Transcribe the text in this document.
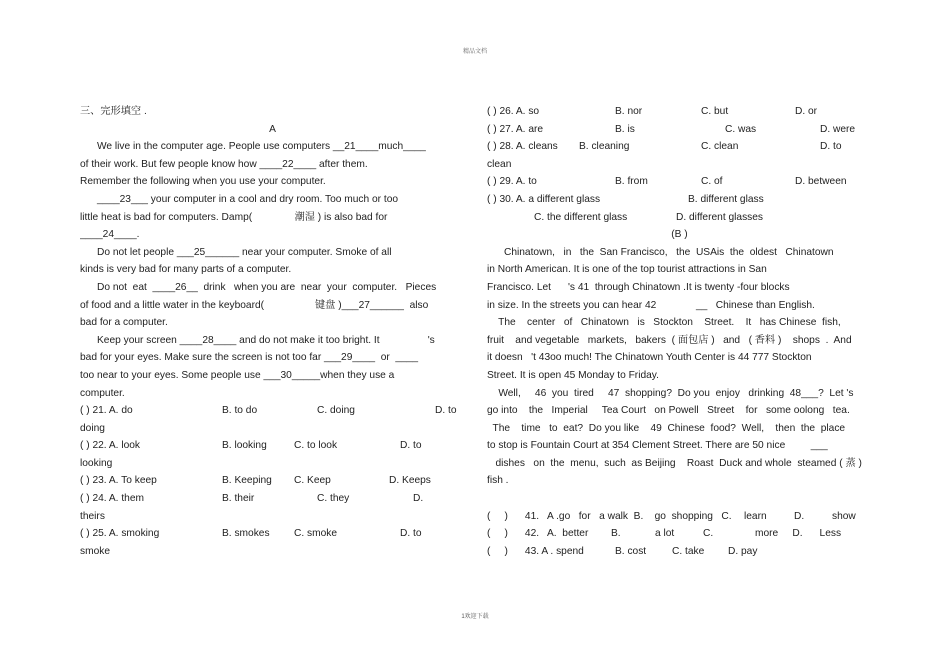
精品文档
三、完形填空 .
A
We live in the computer age. People use computers __21____much____
of their work. But few people know how ____22____ after them.
Remember the following when you use your computer.
____23___ your computer in a cool and dry room. Too much or too
little heat is bad for computers. Damp(               潮湿 ) is also bad for
____24____.
Do not let people ___25______ near your computer. Smoke of all
kinds is very bad for many parts of a computer.
Do not  eat  ____26__  drink   when you are  near  your  computer.   Pieces
of food and a little water in the keyboard(                  键盘 )___27______  also
bad for a computer.
Keep your screen ____28____ and do not make it too bright. It                 's
bad for your eyes. Make sure the screen is not too far ___29____  or  ____
too near to your eyes. Some people use ___30_____when they use a
computer.
( ) 21. A. do	B. to do	C. doing	D. to
doing
( ) 22. A. look	B. looking	C. to look	D. to
looking
( ) 23. A. To keep	B. Keeping	C. Keep	D. Keeps
( ) 24. A. them	B. their	C. they	D.
theirs
( ) 25. A. smoking	B. smokes	C. smoke	D. to
smoke
( ) 26. A. so	B. nor	C. but	D. or
( ) 27. A. are	B. is	C. was	D. were
( ) 28. A. cleans	B. cleaning	C. clean	D. to
clean
( ) 29. A. to	B. from	C. of	D. between
( ) 30. A. a different glass	B. different glass
C. the different glass	D. different glasses
(B )
Chinatown,   in   the  San Francisco,   the  USAis  the  oldest   Chinatown
in North American. It is one of the top tourist attractions in San
Francisco. Let      's 41  through Chinatown .It is twenty -four blocks
in size. In the streets you can hear 42              __   Chinese than English.
The    center   of   Chinatown   is   Stockton    Street.    It   has Chinese  fish,
fruit    and vegetable   markets,   bakers  ( 面包店 )   and   ( 香料 )    shops  .  And
it doesn   't 43oo much! The Chinatown Youth Center is 44 777 Stockton
Street. It is open 45 Monday to Friday.
Well,     46  you  tired     47  shopping?  Do you  enjoy   drinking  48___?  Let 's
go into    the   Imperial     Tea Court   on Powell   Street    for   some oolong   tea.
The    time   to  eat?  Do you like    49  Chinese  food?  Well,    then  the  place
to stop is Fountain Court at 354 Clement Street. There are 50 nice         ___
dishes   on  the  menu,  such  as Beijing    Roast  Duck and whole  steamed ( 蒸 )
fish .
(     )      41.   A .go   for   a walk  B.    go  shopping   C.	learn	D.	show
(     )      42.   A.  better        B.	a lot	C.	more     D.      Less
(     )      43. A . spend	B. cost	C. take	D. pay
1欢迎下载
